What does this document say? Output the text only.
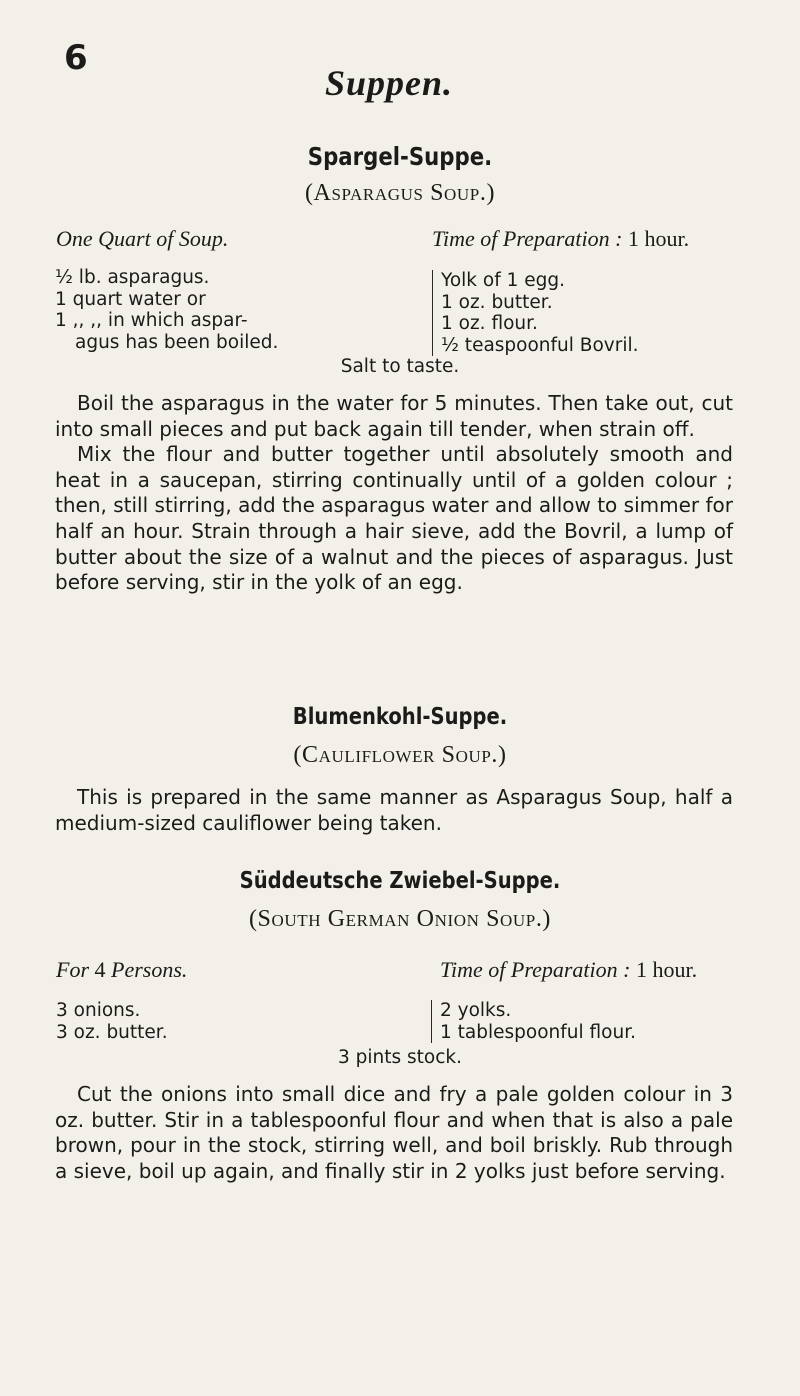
6
Suppen.
Spargel-Suppe.
(Asparagus Soup.)
One Quart of Soup.	Time of Preparation : 1 hour.
½ lb. asparagus.
1 quart water or
1 ,, ,, in which aspar-
agus has been boiled.
Yolk of 1 egg.
1 oz. butter.
1 oz. flour.
½ teaspoonful Bovril.
Salt to taste.

Boil the asparagus in the water for 5 minutes. Then take out, cut into small pieces and put back again till tender, when strain off.

Mix the flour and butter together until absolutely smooth and heat in a saucepan, stirring continually until of a golden colour ; then, still stirring, add the asparagus water and allow to simmer for half an hour. Strain through a hair sieve, add the Bovril, a lump of butter about the size of a walnut and the pieces of asparagus. Just before serving, stir in the yolk of an egg.

Blumenkohl-Suppe.
(Cauliflower Soup.)

This is prepared in the same manner as Asparagus Soup, half a medium-sized cauliflower being taken.

Süddeutsche Zwiebel-Suppe.
(South German Onion Soup.)
For 4 Persons.	Time of Preparation : 1 hour.
3 onions.
3 oz. butter.
2 yolks.
1 tablespoonful flour.
3 pints stock.

Cut the onions into small dice and fry a pale golden colour in 3 oz. butter. Stir in a tablespoonful flour and when that is also a pale brown, pour in the stock, stirring well, and boil briskly. Rub through a sieve, boil up again, and finally stir in 2 yolks just before serving.
